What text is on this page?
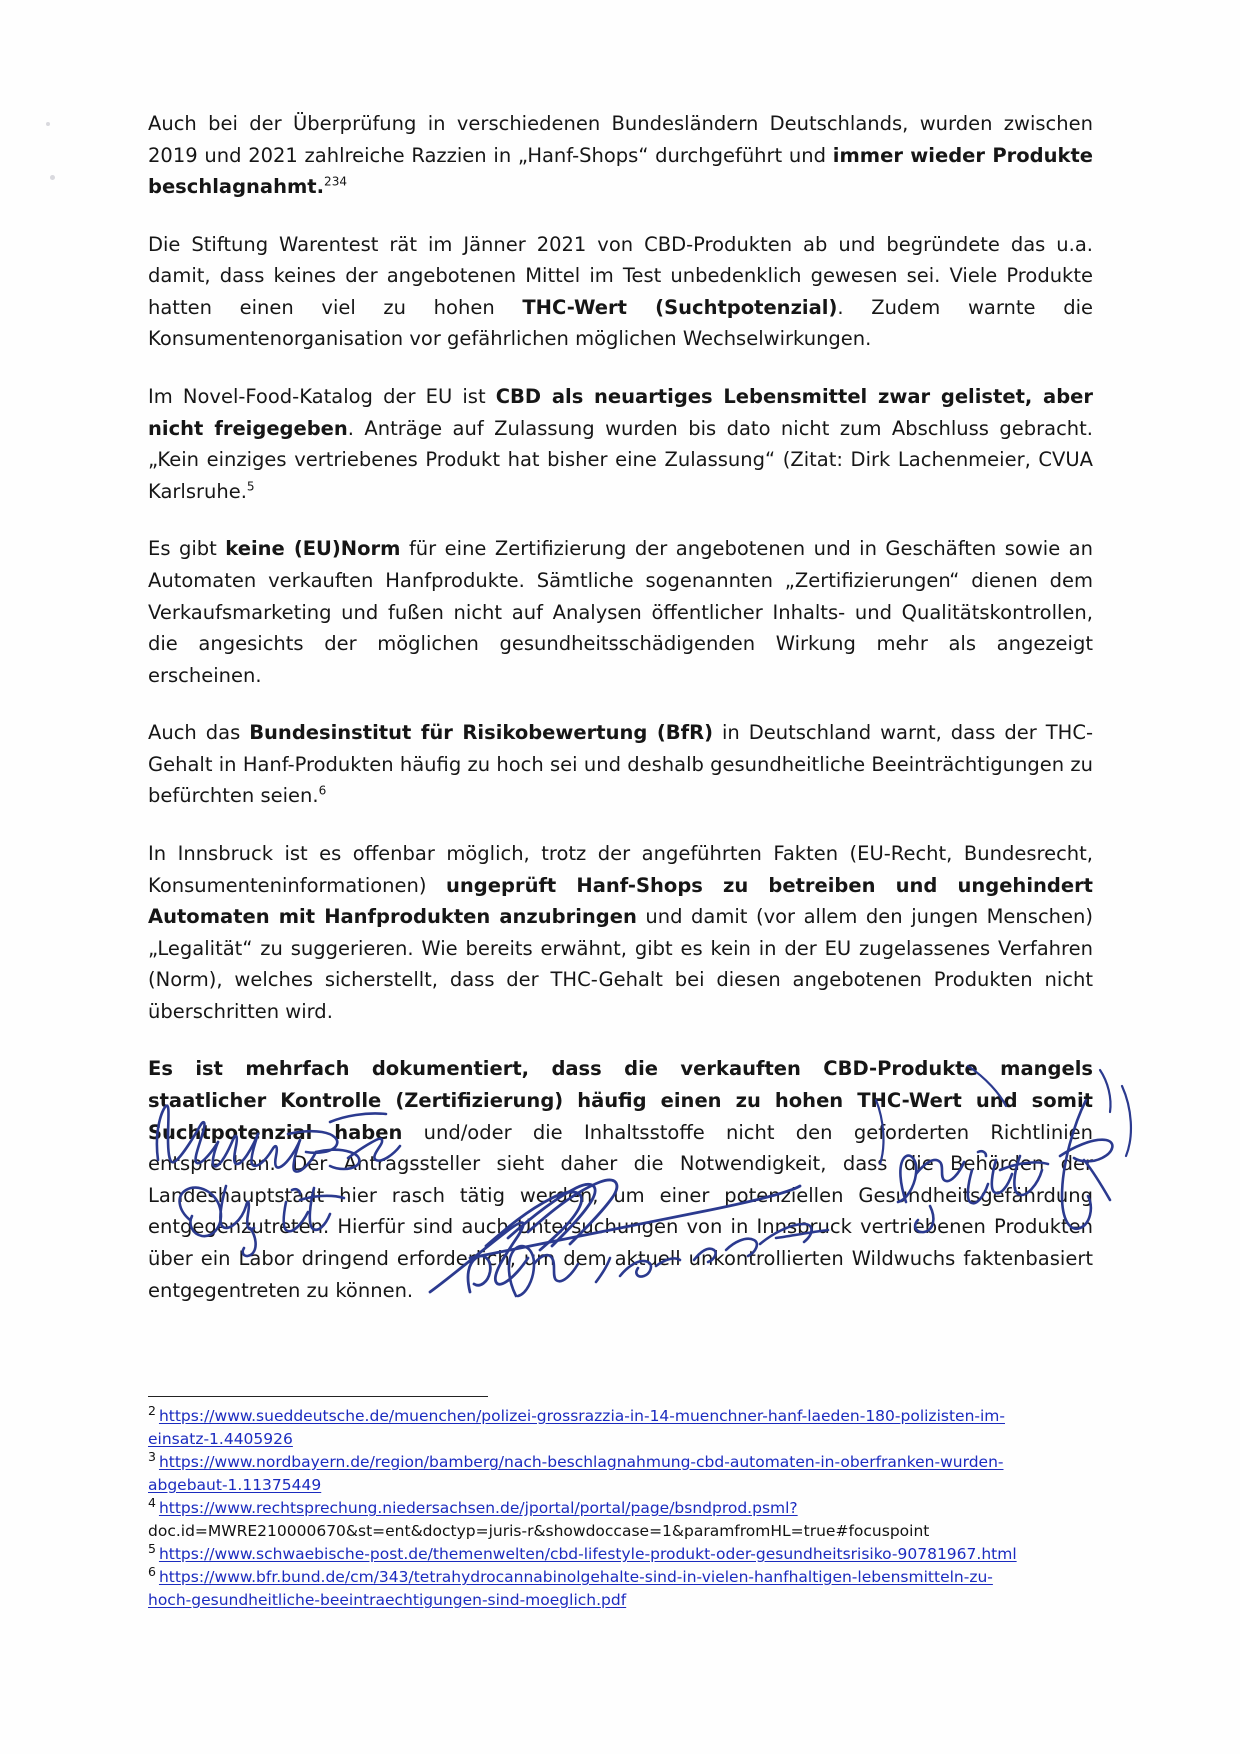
Auch bei der Überprüfung in verschiedenen Bundesländern Deutschlands, wurden zwischen 2019 und 2021 zahlreiche Razzien in „Hanf-Shops“ durchgeführt und immer wieder Produkte beschlagnahmt.$^{234}$

Die Stiftung Warentest rät im Jänner 2021 von CBD-Produkten ab und begründete das u.a. damit, dass keines der angebotenen Mittel im Test unbedenklich gewesen sei. Viele Produkte hatten einen viel zu hohen THC-Wert (Suchtpotenzial). Zudem warnte die Konsumentenorganisation vor gefährlichen möglichen Wechselwirkungen.

Im Novel-Food-Katalog der EU ist CBD als neuartiges Lebensmittel zwar gelistet, aber nicht freigegeben. Anträge auf Zulassung wurden bis dato nicht zum Abschluss gebracht. „Kein einziges vertriebenes Produkt hat bisher eine Zulassung“ (Zitat: Dirk Lachenmeier, CVUA Karlsruhe.$^5$

Es gibt keine (EU)Norm für eine Zertifizierung der angebotenen und in Geschäften sowie an Automaten verkauften Hanfprodukte. Sämtliche sogenannten „Zertifizierungen“ dienen dem Verkaufsmarketing und fußen nicht auf Analysen öffentlicher Inhalts- und Qualitätskontrollen, die angesichts der möglichen gesundheitsschädigenden Wirkung mehr als angezeigt erscheinen.

Auch das Bundesinstitut für Risikobewertung (BfR) in Deutschland warnt, dass der THC-Gehalt in Hanf-Produkten häufig zu hoch sei und deshalb gesundheitliche Beeinträchtigungen zu befürchten seien.$^6$

In Innsbruck ist es offenbar möglich, trotz der angeführten Fakten (EU-Recht, Bundesrecht, Konsumenteninformationen) ungeprüft Hanf-Shops zu betreiben und ungehindert Automaten mit Hanfprodukten anzubringen und damit (vor allem den jungen Menschen) „Legalität“ zu suggerieren. Wie bereits erwähnt, gibt es kein in der EU zugelassenes Verfahren (Norm), welches sicherstellt, dass der THC-Gehalt bei diesen angebotenen Produkten nicht überschritten wird.

Es ist mehrfach dokumentiert, dass die verkauften CBD-Produkte mangels staatlicher Kontrolle (Zertifizierung) häufig einen zu hohen THC-Wert und somit Suchtpotenzial haben und/oder die Inhaltsstoffe nicht den geforderten Richtlinien entsprechen. Der Antragssteller sieht daher die Notwendigkeit, dass die Behörden der Landeshauptstadt hier rasch tätig werden, um einer potenziellen Gesundheitsgefährdung entgegenzutreten. Hierfür sind auch Untersuchungen von in Innsbruck vertriebenen Produkten über ein Labor dringend erforderlich, um dem aktuell unkontrollierten Wildwuchs faktenbasiert entgegentreten zu können.

$^2$ https://www.sueddeutsche.de/muenchen/polizei-grossrazzia-in-14-muenchner-hanf-laeden-180-polizisten-im-
einsatz-1.4405926
$^3$ https://www.nordbayern.de/region/bamberg/nach-beschlagnahmung-cbd-automaten-in-oberfranken-wurden-
abgebaut-1.11375449
$^4$ https://www.rechtsprechung.niedersachsen.de/jportal/portal/page/bsndprod.psml?
doc.id=MWRE210000670&st=ent&doctyp=juris-r&showdoccase=1&paramfromHL=true#focuspoint
$^5$ https://www.schwaebische-post.de/themenwelten/cbd-lifestyle-produkt-oder-gesundheitsrisiko-90781967.html
$^6$ https://www.bfr.bund.de/cm/343/tetrahydrocannabinolgehalte-sind-in-vielen-hanfhaltigen-lebensmitteln-zu-
hoch-gesundheitliche-beeintraechtigungen-sind-moeglich.pdf
